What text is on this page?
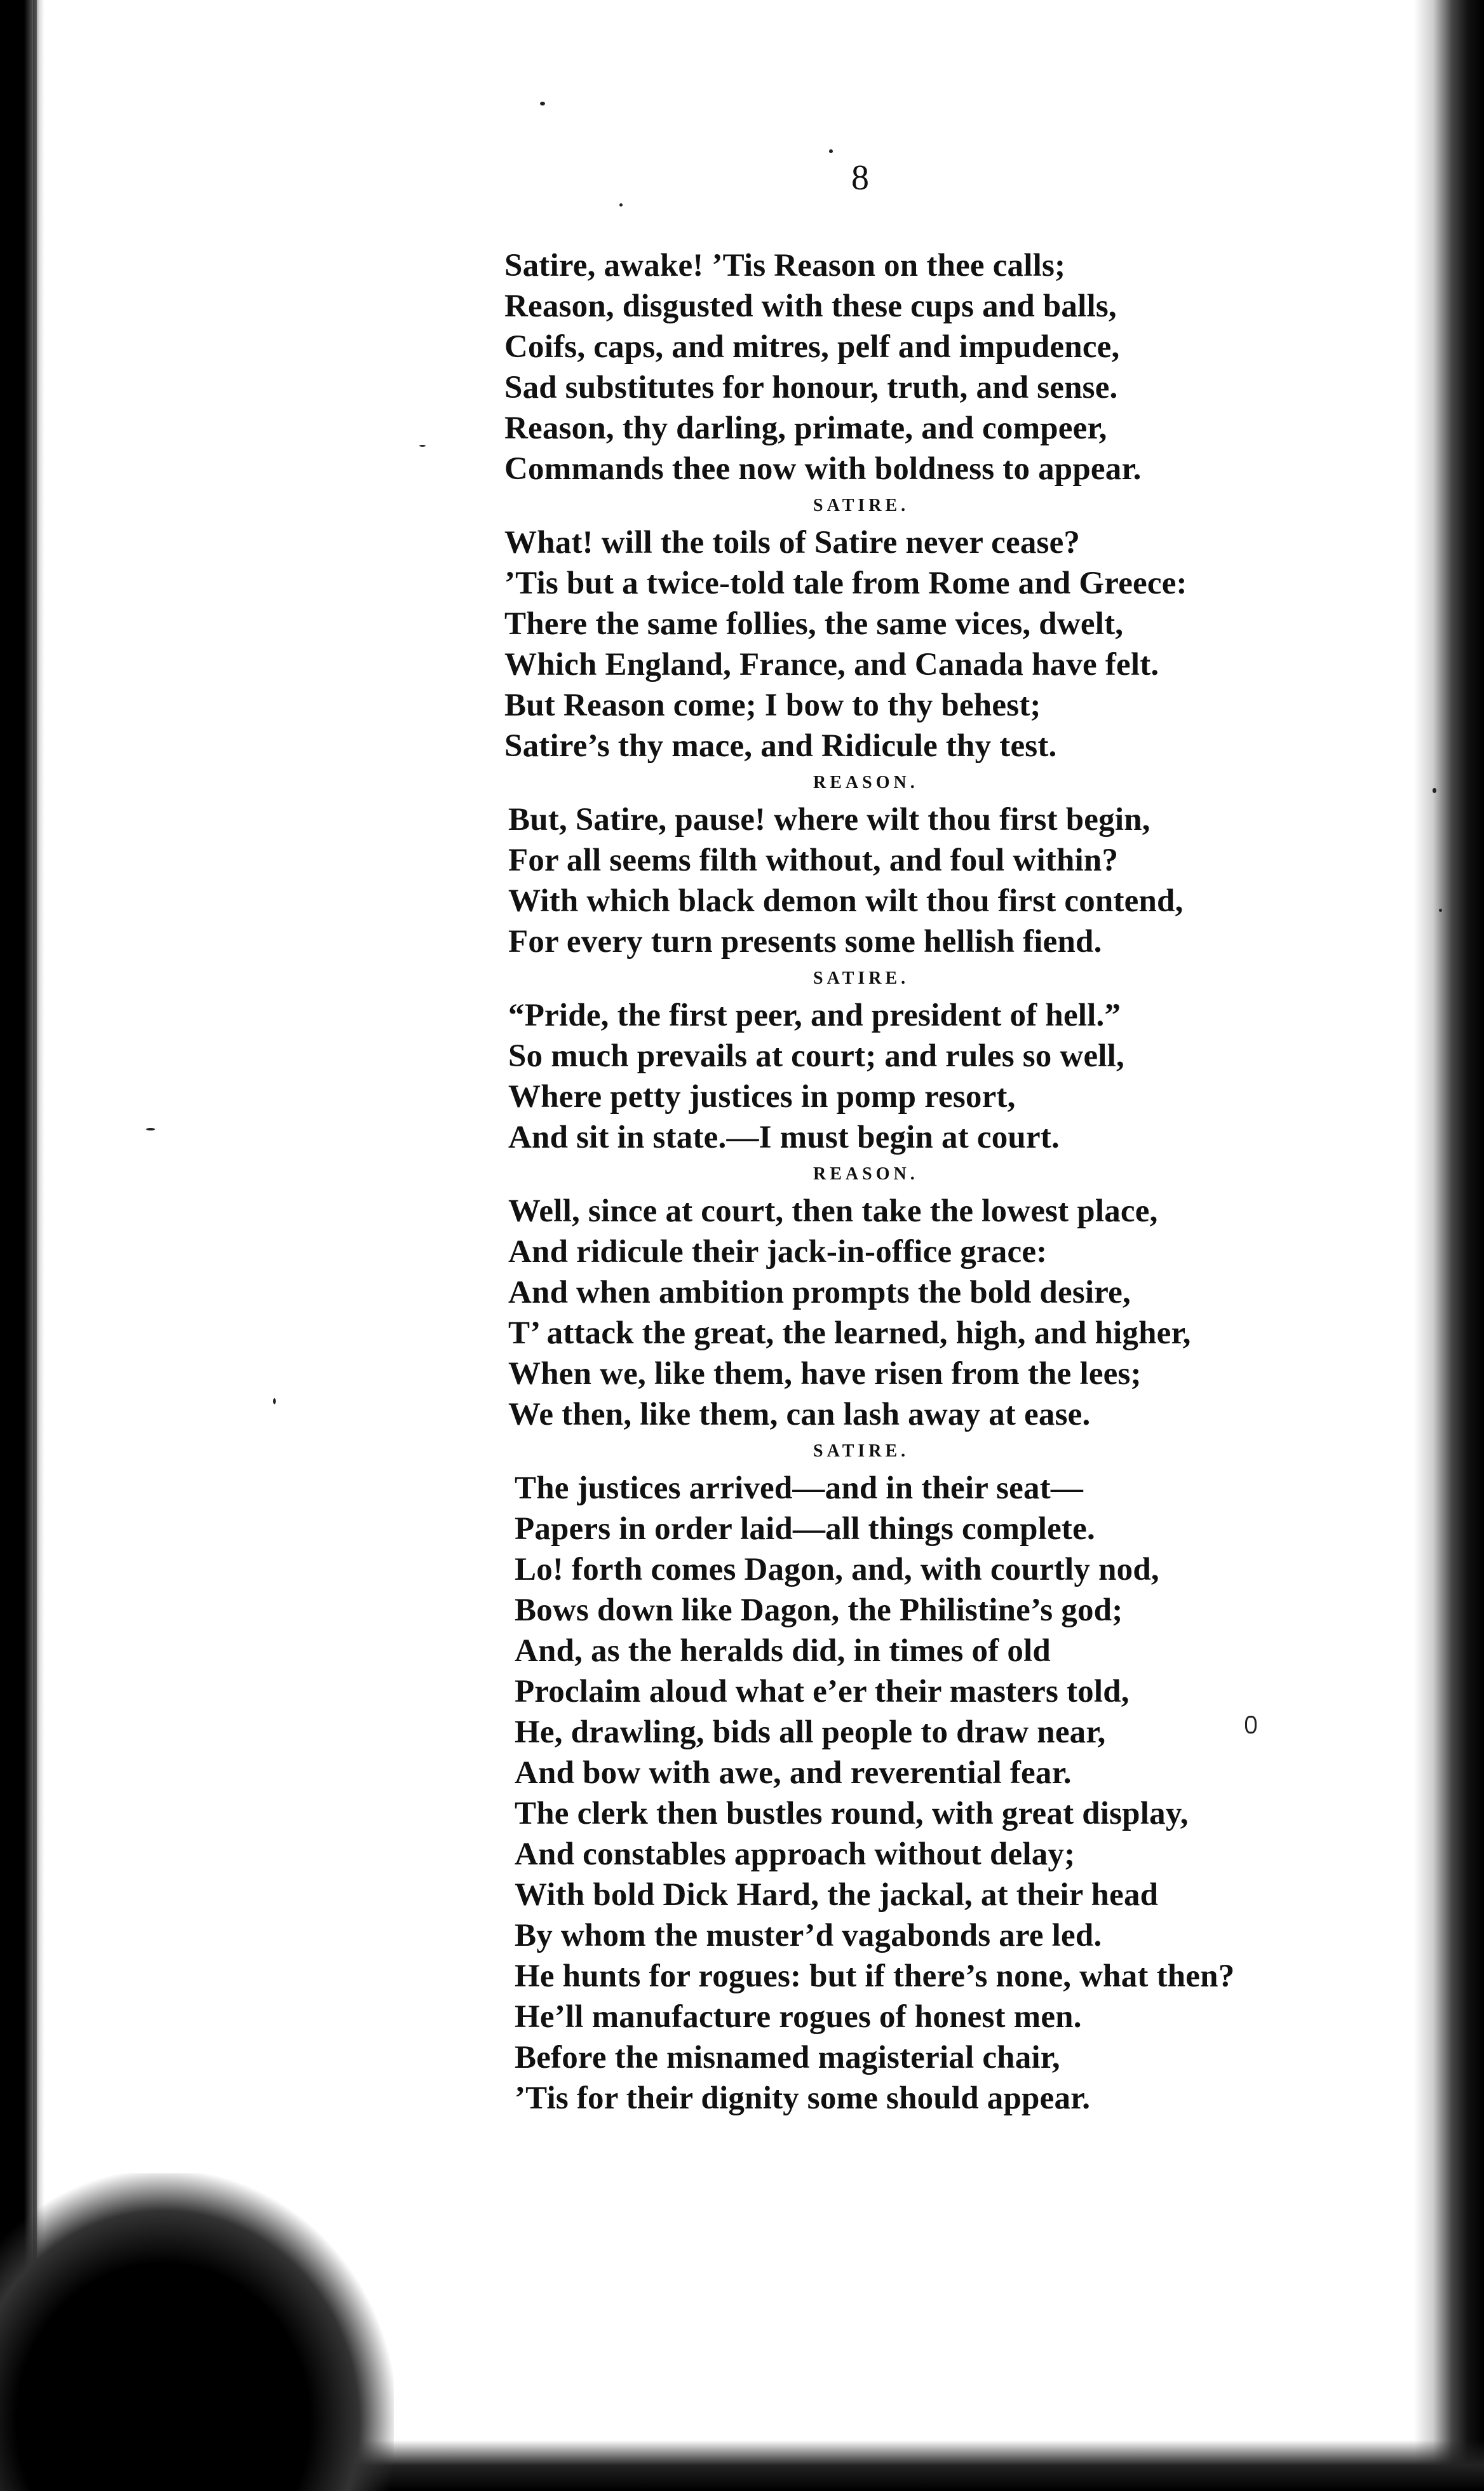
8
Satire, awake! ’Tis Reason on thee calls;
Reason, disgusted with these cups and balls,
Coifs, caps, and mitres, pelf and impudence,
Sad substitutes for honour, truth, and sense.
Reason, thy darling, primate, and compeer,
Commands thee now with boldness to appear.
SATIRE.
What! will the toils of Satire never cease?
’Tis but a twice-told tale from Rome and Greece:
There the same follies, the same vices, dwelt,
Which England, France, and Canada have felt.
But Reason come; I bow to thy behest;
Satire’s thy mace, and Ridicule thy test.
REASON.
But, Satire, pause! where wilt thou first begin,
For all seems filth without, and foul within?
With which black demon wilt thou first contend,
For every turn presents some hellish fiend.
SATIRE.
“Pride, the first peer, and president of hell.”
So much prevails at court; and rules so well,
Where petty justices in pomp resort,
And sit in state.—I must begin at court.
REASON.
Well, since at court, then take the lowest place,
And ridicule their jack-in-office grace:
And when ambition prompts the bold desire,
T’ attack the great, the learned, high, and higher,
When we, like them, have risen from the lees;
We then, like them, can lash away at ease.
SATIRE.
The justices arrived—and in their seat—
Papers in order laid—all things complete.
Lo! forth comes Dagon, and, with courtly nod,
Bows down like Dagon, the Philistine’s god;
And, as the heralds did, in times of old
Proclaim aloud what e’er their masters told,
He, drawling, bids all people to draw near,
And bow with awe, and reverential fear.
The clerk then bustles round, with great display,
And constables approach without delay;
With bold Dick Hard, the jackal, at their head
By whom the muster’d vagabonds are led.
He hunts for rogues: but if there’s none, what then?
He’ll manufacture rogues of honest men.
Before the misnamed magisterial chair,
’Tis for their dignity some should appear.
